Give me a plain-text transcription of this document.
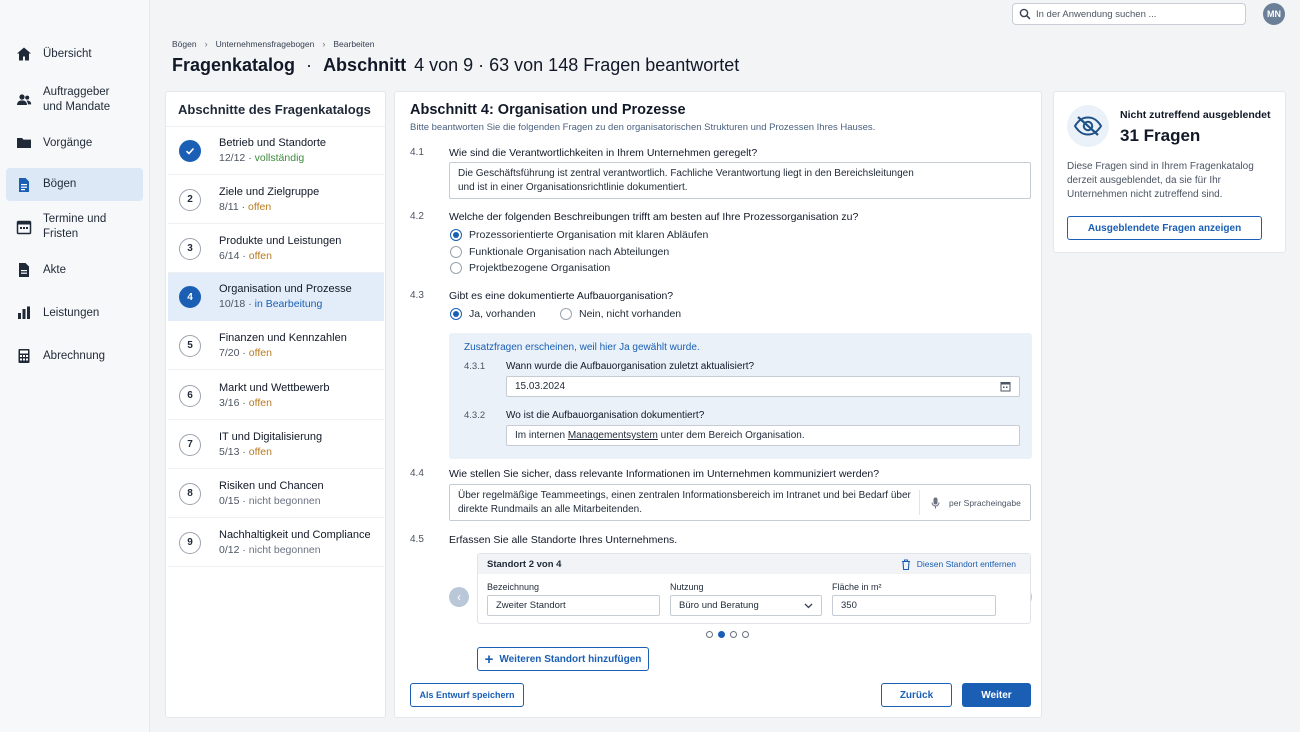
Übersicht
Auftraggeber und Mandate
Vorgänge
Bögen
Termine und Fristen
Akte
Leistungen
Abrechnung
In der Anwendung suchen ...
MN
Bögen › Unternehmensfragebogen › Bearbeiten
Fragenkatalog · Abschnitt 4 von 9 · 63 von 148 Fragen beantwortet
Abschnitte des Fragenkatalogs
Betrieb und Standorte
12/12 · vollständig
2
Ziele und Zielgruppe
8/11 · offen
3
Produkte und Leistungen
6/14 · offen
4
Organisation und Prozesse
10/18 · in Bearbeitung
5
Finanzen und Kennzahlen
7/20 · offen
6
Markt und Wettbewerb
3/16 · offen
7
IT und Digitalisierung
5/13 · offen
8
Risiken und Chancen
0/15 · nicht begonnen
9
Nachhaltigkeit und Compliance
0/12 · nicht begonnen
Abschnitt 4: Organisation und Prozesse
Bitte beantworten Sie die folgenden Fragen zu den organisatorischen Strukturen und Prozessen Ihres Hauses.
4.1 Wie sind die Verantwortlichkeiten in Ihrem Unternehmen geregelt?
Die Geschäftsführung ist zentral verantwortlich. Fachliche Verantwortung liegt in den Bereichsleitungen
und ist in einer Organisationsrichtlinie dokumentiert.
4.2 Welche der folgenden Beschreibungen trifft am besten auf Ihre Prozessorganisation zu?
Prozessorientierte Organisation mit klaren Abläufen
Funktionale Organisation nach Abteilungen
Projektbezogene Organisation
4.3 Gibt es eine dokumentierte Aufbauorganisation?
Ja, vorhanden	Nein, nicht vorhanden
Zusatzfragen erscheinen, weil hier Ja gewählt wurde.
4.3.1 Wann wurde die Aufbauorganisation zuletzt aktualisiert?
15.03.2024
4.3.2 Wo ist die Aufbauorganisation dokumentiert?
Im internen Managementsystem unter dem Bereich Organisation.
4.4 Wie stellen Sie sicher, dass relevante Informationen im Unternehmen kommuniziert werden?
Über regelmäßige Teammeetings, einen zentralen Informationsbereich im Intranet und bei Bedarf über
direkte Rundmails an alle Mitarbeitenden.
per Spracheingabe
4.5 Erfassen Sie alle Standorte Ihres Unternehmens.
‹
Standort 2 von 4	Diesen Standort entfernen
Bezeichnung
Zweiter Standort
Nutzung
Büro und Beratung
Fläche in m²
350
+ Weiteren Standort hinzufügen
Als Entwurf speichern	Zurück	Weiter
Nicht zutreffend ausgeblendet
31 Fragen
Diese Fragen sind in Ihrem Fragenkatalog derzeit ausgeblendet, da sie für Ihr Unternehmen nicht zutreffend sind.
Ausgeblendete Fragen anzeigen
